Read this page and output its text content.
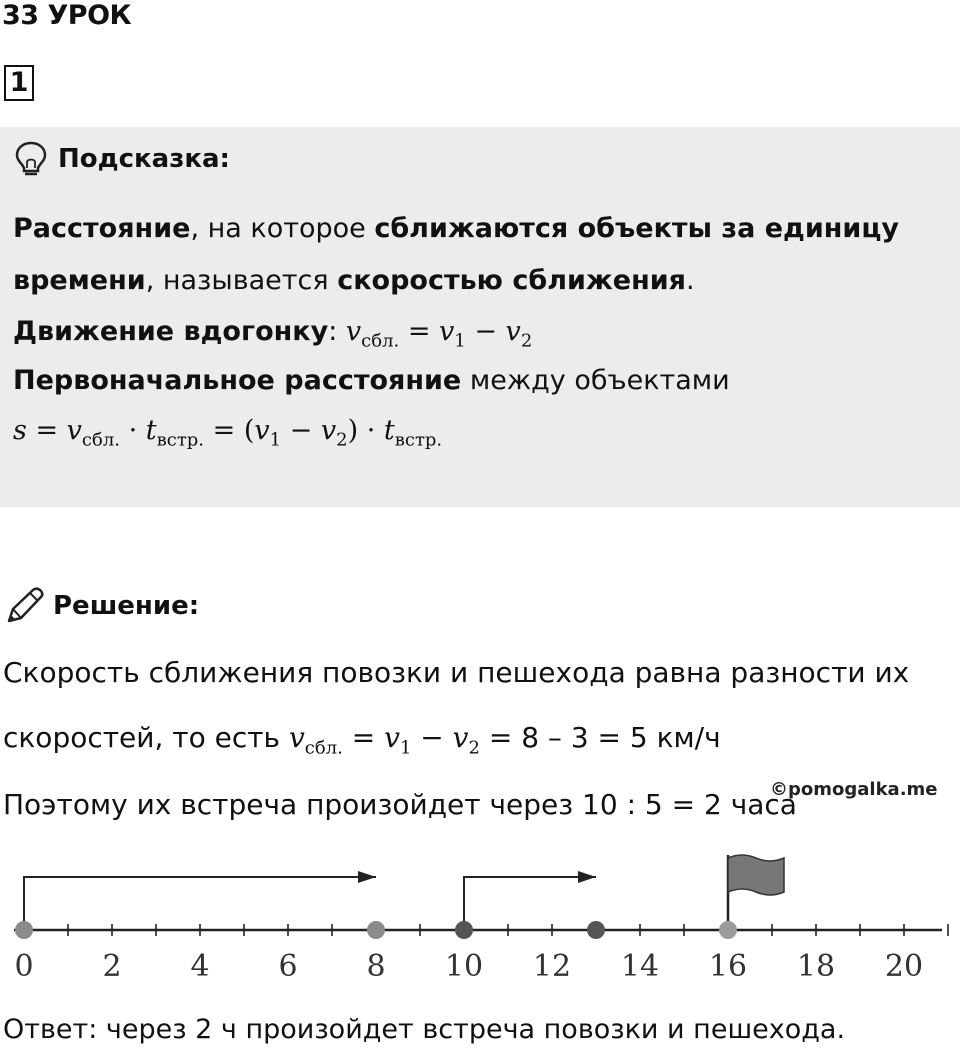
33 УРОК
1
Подсказка:
Расстояние, на которое сближаются объекты за единицу
времени, называется скоростью сближения.
Движение вдогонку: $v_{сбл.} = v_1 - v_2$
Первоначальное расстояние между объектами
$s = v_{сбл.} \cdot t_{встр.} = (v_1 - v_2) \cdot t_{встр.}$
Решение:
Скорость сближения повозки и пешехода равна разности их
скоростей, то есть $v_{сбл.} = v_1 - v_2 = 8 - 3 = 5$ км/ч
Поэтому их встреча произойдет через 10 : 5 = 2 часа
©pomogalka.me
0 2 4 6 8 10 12 14 16 18 20
Ответ: через 2 ч произойдет встреча повозки и пешехода.
